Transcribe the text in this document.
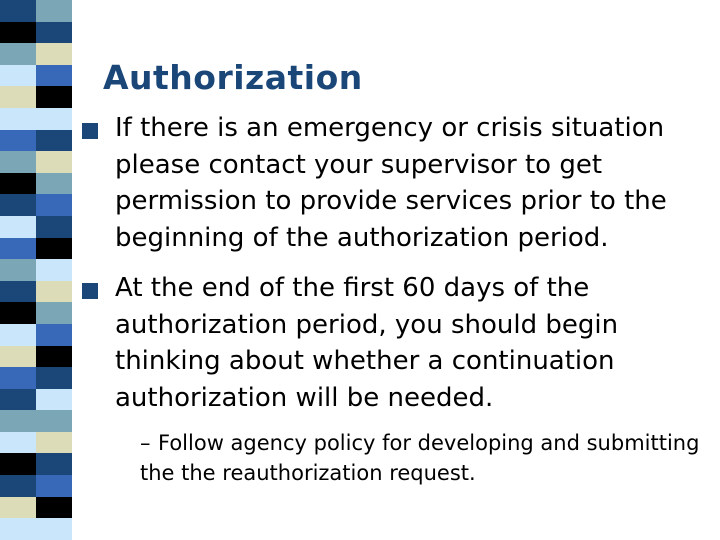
Authorization
If there is an emergency or crisis situation please contact your supervisor to get permission to provide services prior to the beginning of the authorization period.
At the end of the first 60 days of the authorization period, you should begin thinking about whether a continuation authorization will be needed.
– Follow agency policy for developing and submitting the the reauthorization request.
